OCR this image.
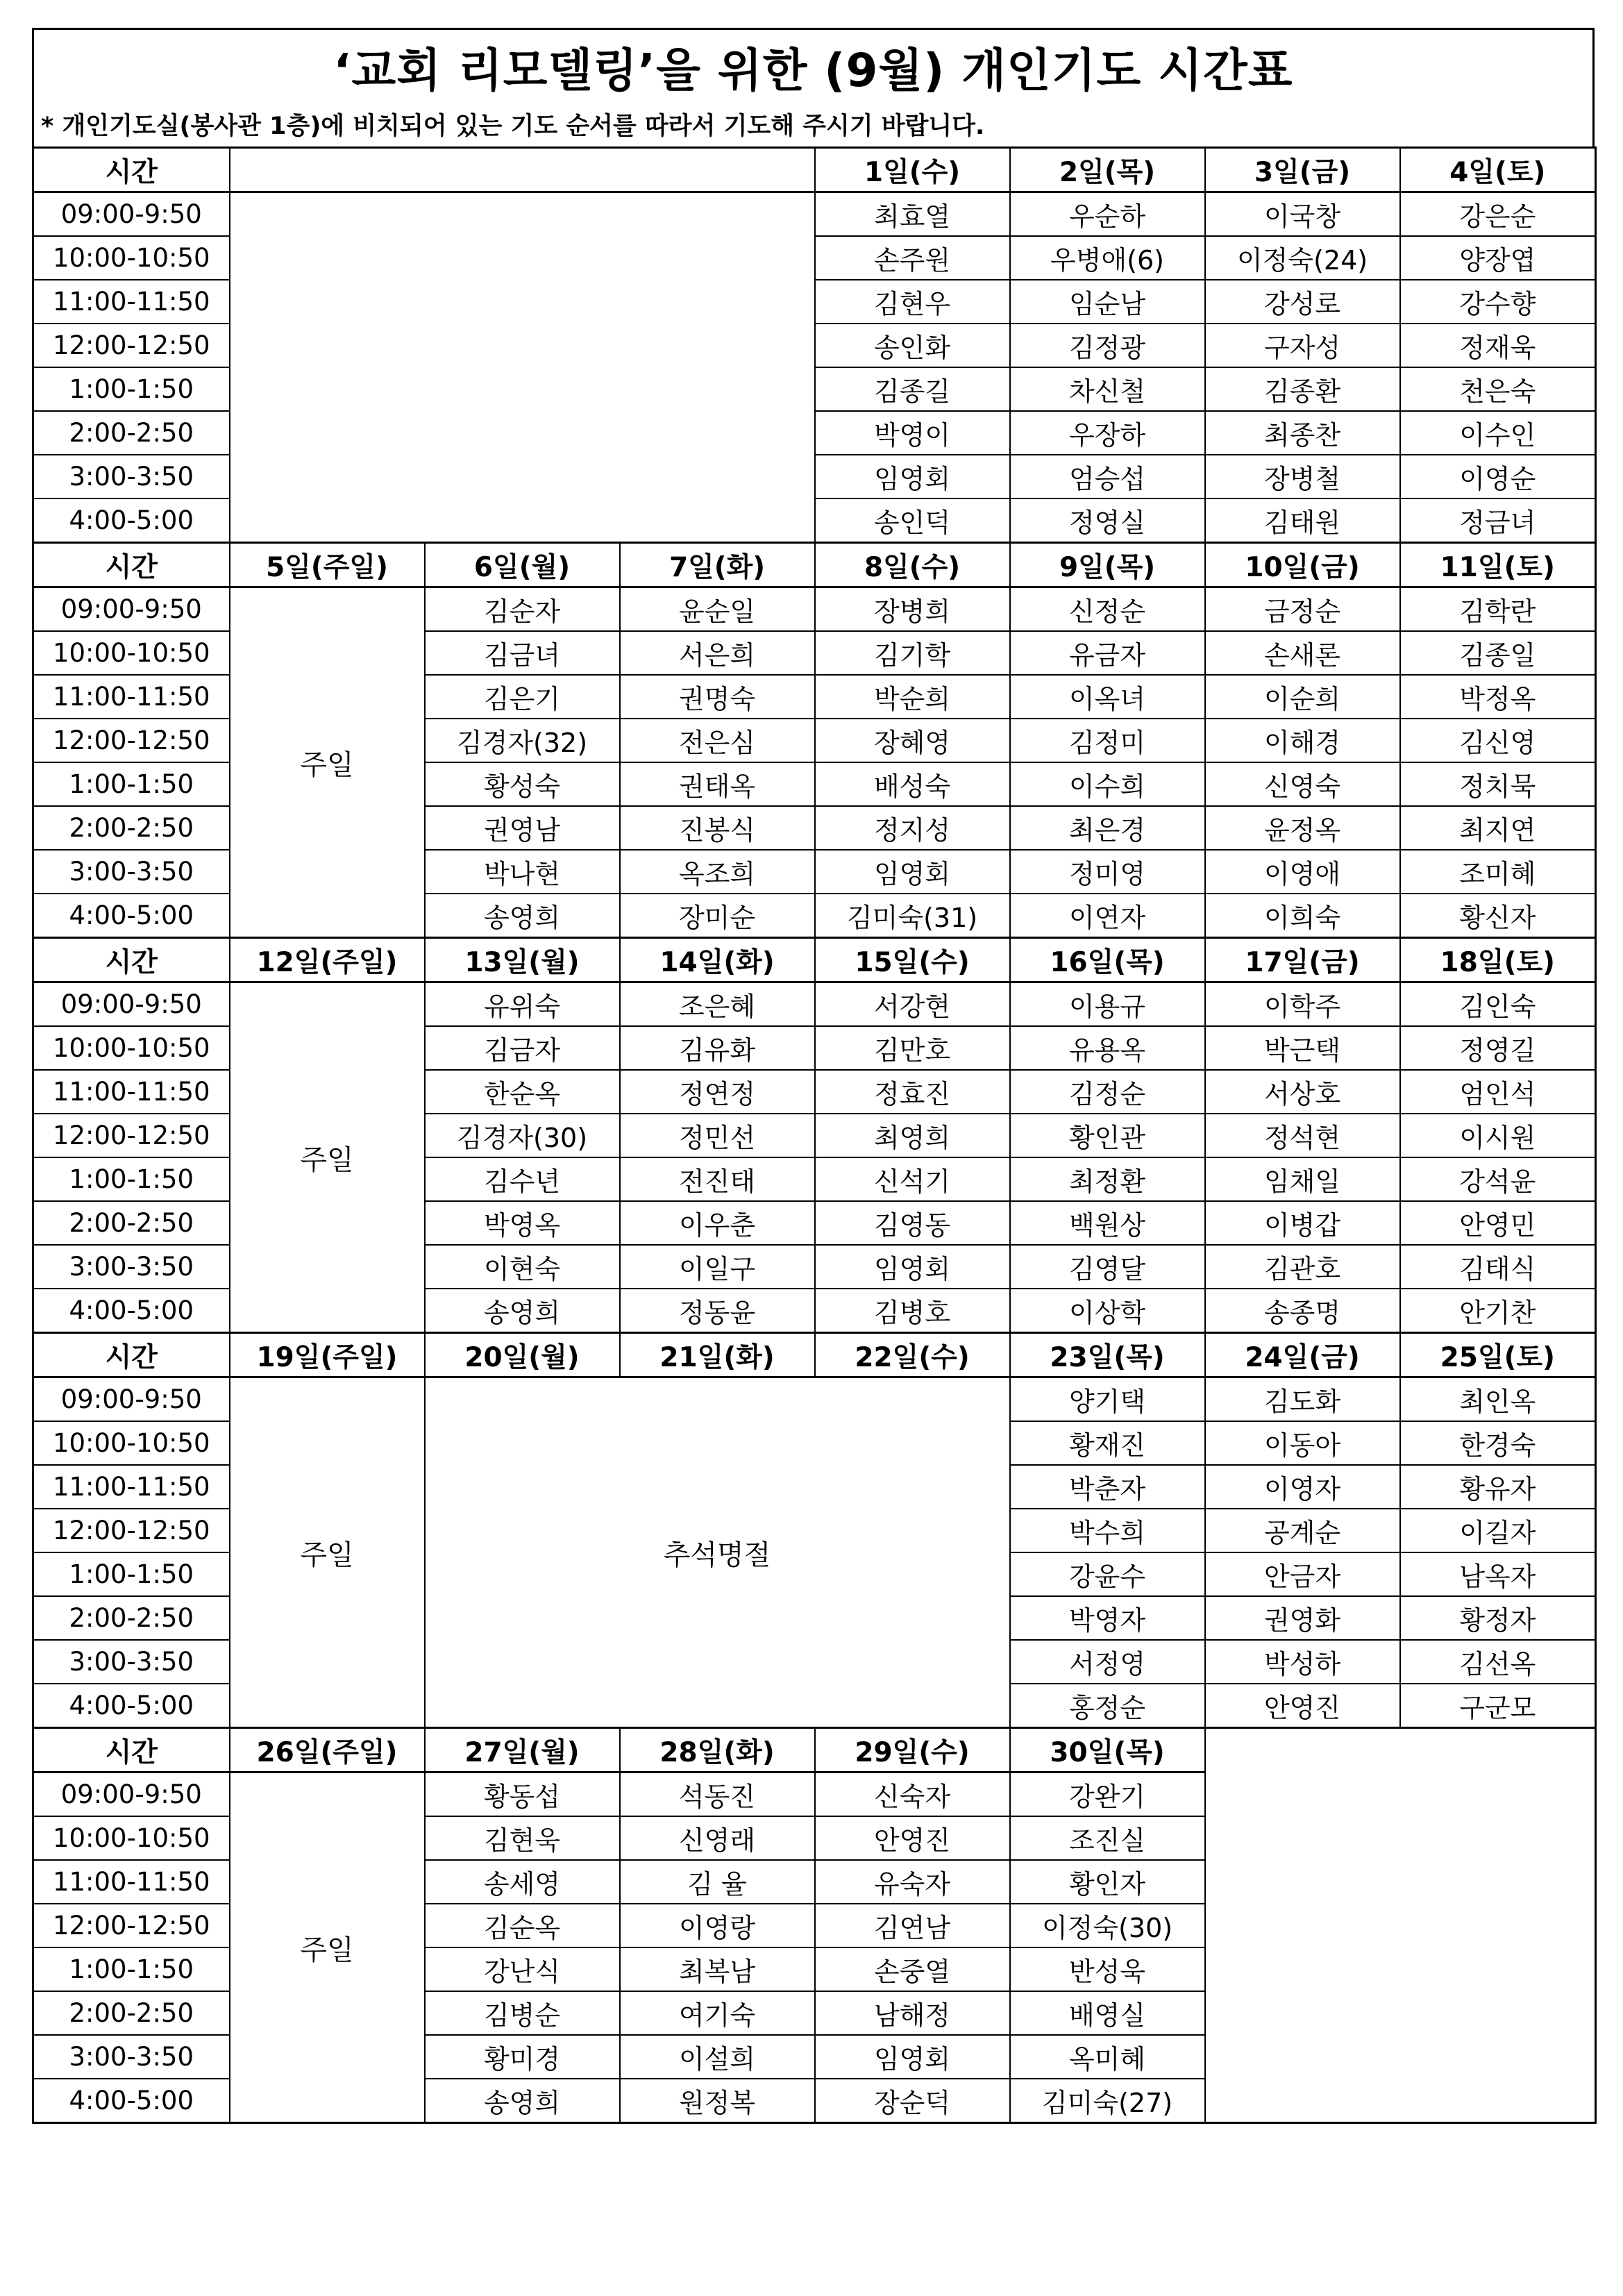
‘교회 리모델링’을 위한 (9월) 개인기도 시간표
* 개인기도실(봉사관 1층)에 비치되어 있는 기도 순서를 따라서 기도해 주시기 바랍니다.
시간				1일(수)	2일(목)	3일(금)	4일(토)
09:00-9:50				최효열	우순하	이국창	강은순
10:00-10:50				손주원	우병애(6)	이정숙(24)	양장엽
11:00-11:50				김현우	임순남	강성로	강수향
12:00-12:50				송인화	김정광	구자성	정재욱
1:00-1:50				김종길	차신철	김종환	천은숙
2:00-2:50				박영이	우장하	최종찬	이수인
3:00-3:50				임영회	엄승섭	장병철	이영순
4:00-5:00				송인덕	정영실	김태원	정금녀
시간	5일(주일)	6일(월)	7일(화)	8일(수)	9일(목)	10일(금)	11일(토)
09:00-9:50	주일	김순자	윤순일	장병희	신정순	금정순	김학란
10:00-10:50		김금녀	서은희	김기학	유금자	손새론	김종일
11:00-11:50		김은기	권명숙	박순희	이옥녀	이순희	박정옥
12:00-12:50		김경자(32)	전은심	장혜영	김정미	이해경	김신영
1:00-1:50		황성숙	권태옥	배성숙	이수희	신영숙	정치묵
2:00-2:50		권영남	진봉식	정지성	최은경	윤정옥	최지연
3:00-3:50		박나현	옥조희	임영회	정미영	이영애	조미혜
4:00-5:00		송영희	장미순	김미숙(31)	이연자	이희숙	황신자
시간	12일(주일)	13일(월)	14일(화)	15일(수)	16일(목)	17일(금)	18일(토)
09:00-9:50	주일	유위숙	조은혜	서강현	이용규	이학주	김인숙
10:00-10:50		김금자	김유화	김만호	유용옥	박근택	정영길
11:00-11:50		한순옥	정연정	정효진	김정순	서상호	엄인석
12:00-12:50		김경자(30)	정민선	최영희	황인관	정석현	이시원
1:00-1:50		김수년	전진태	신석기	최정환	임채일	강석윤
2:00-2:50		박영옥	이우춘	김영동	백원상	이병갑	안영민
3:00-3:50		이현숙	이일구	임영회	김영달	김관호	김태식
4:00-5:00		송영희	정동윤	김병호	이상학	송종명	안기찬
시간	19일(주일)	20일(월)	21일(화)	22일(수)	23일(목)	24일(금)	25일(토)
09:00-9:50	주일	추석명절			양기택	김도화	최인옥
10:00-10:50					황재진	이동아	한경숙
11:00-11:50					박춘자	이영자	황유자
12:00-12:50					박수희	공계순	이길자
1:00-1:50					강윤수	안금자	남옥자
2:00-2:50					박영자	권영화	황정자
3:00-3:50					서정영	박성하	김선옥
4:00-5:00					홍정순	안영진	구군모
시간	26일(주일)	27일(월)	28일(화)	29일(수)	30일(목)		
09:00-9:50	주일	황동섭	석동진	신숙자	강완기		
10:00-10:50		김현욱	신영래	안영진	조진실		
11:00-11:50		송세영	김 율	유숙자	황인자		
12:00-12:50		김순옥	이영랑	김연남	이정숙(30)		
1:00-1:50		강난식	최복남	손중열	반성욱		
2:00-2:50		김병순	여기숙	남해정	배영실		
3:00-3:50		황미경	이설희	임영회	옥미혜		
4:00-5:00		송영희	원정복	장순덕	김미숙(27)		
